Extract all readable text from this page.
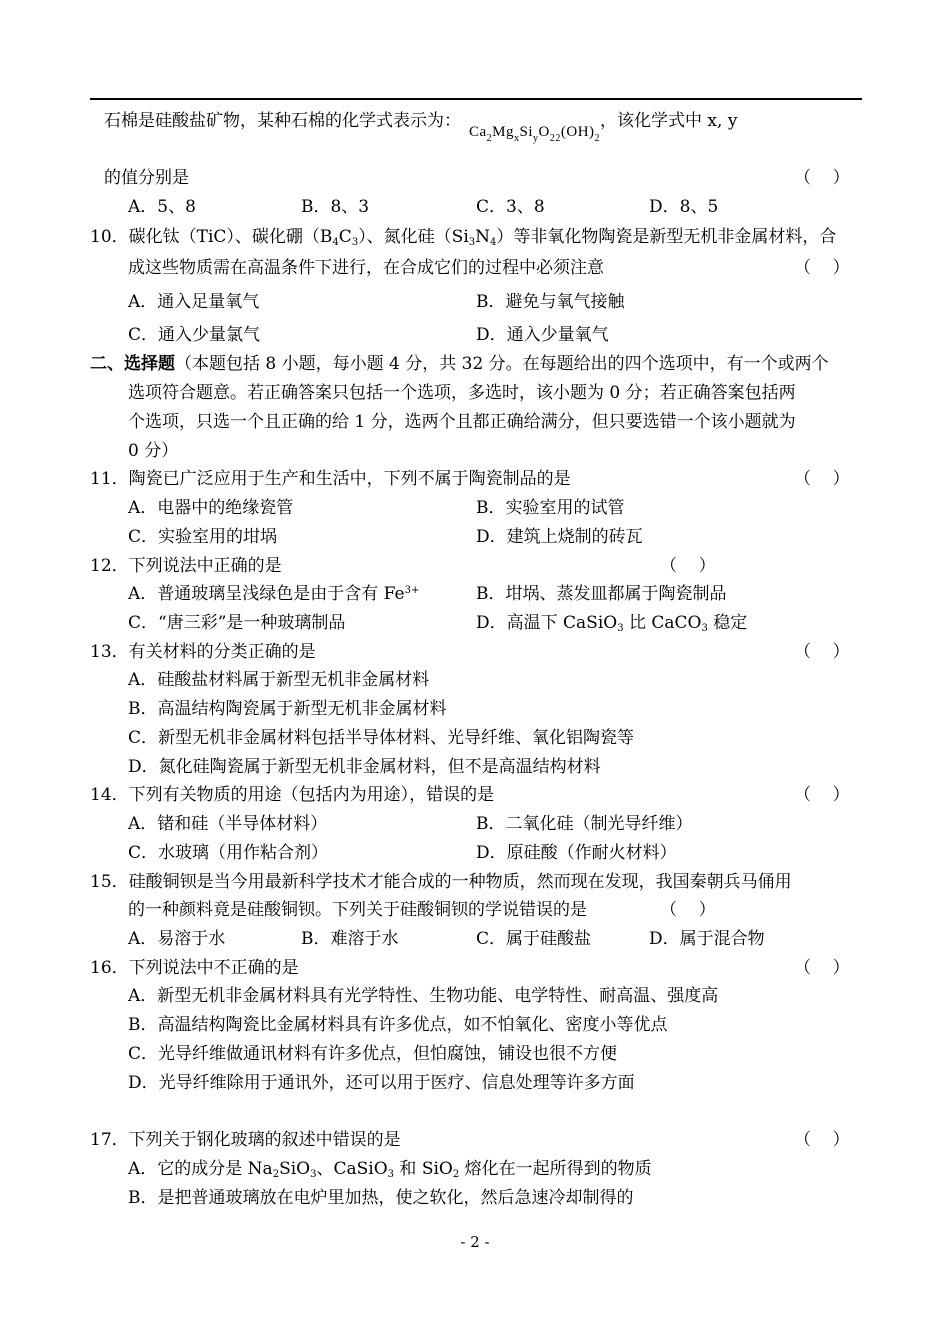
石棉是硅酸盐矿物，某种石棉的化学式表示为：$Ca_2Mg_xSi_yO_{22}(OH)_2$，该化学式中 x, y
的值分别是	（    ）
A．5、8	B．8、3	C．3、8	D．8、5
10．碳化钛（TiC）、碳化硼$(B_4C_3)$、氮化硅$(Si_3N_4)$等非氧化物陶瓷是新型无机非金属材料，合
成这些物质需在高温条件下进行，在合成它们的过程中必须注意	（    ）
A．通入足量氧气	B．避免与氧气接触
C．通入少量氯气	D．通入少量氧气
二、选择题（本题包括 8 小题，每小题 4 分，共 32 分。在每题给出的四个选项中，有一个或两个
选项符合题意。若正确答案只包括一个选项，多选时，该小题为 0 分；若正确答案包括两
个选项，只选一个且正确的给 1 分，选两个且都正确给满分，但只要选错一个该小题就为
0 分）
11．陶瓷已广泛应用于生产和生活中，下列不属于陶瓷制品的是	（    ）
A．电器中的绝缘瓷管	B．实验室用的试管
C．实验室用的坩埚	D．建筑上烧制的砖瓦
12．下列说法中正确的是	（    ）
A．普通玻璃呈浅绿色是由于含有 $Fe^{3+}$	B．坩埚、蒸发皿都属于陶瓷制品
C．“唐三彩”是一种玻璃制品	D．高温下 CaSiO$_3$ 比 CaCO$_3$ 稳定
13．有关材料的分类正确的是	（    ）
A．硅酸盐材料属于新型无机非金属材料
B．高温结构陶瓷属于新型无机非金属材料
C．新型无机非金属材料包括半导体材料、光导纤维、氧化铝陶瓷等
D．氮化硅陶瓷属于新型无机非金属材料，但不是高温结构材料
14．下列有关物质的用途（包括内为用途），错误的是	（    ）
A．锗和硅（半导体材料）	B．二氧化硅（制光导纤维）
C．水玻璃（用作粘合剂）	D．原硅酸（作耐火材料）
15．硅酸铜钡是当今用最新科学技术才能合成的一种物质，然而现在发现，我国秦朝兵马俑用
的一种颜料竟是硅酸铜钡。下列关于硅酸铜钡的学说错误的是	（    ）
A．易溶于水	B．难溶于水	C．属于硅酸盐	D．属于混合物
16．下列说法中不正确的是	（    ）
A．新型无机非金属材料具有光学特性、生物功能、电学特性、耐高温、强度高
B．高温结构陶瓷比金属材料具有许多优点，如不怕氧化、密度小等优点
C．光导纤维做通讯材料有许多优点，但怕腐蚀，铺设也很不方便
D．光导纤维除用于通讯外，还可以用于医疗、信息处理等许多方面
17．下列关于钢化玻璃的叙述中错误的是	（    ）
A．它的成分是 $Na_2SiO_3$、CaSiO$_3$ 和 SiO$_2$ 熔化在一起所得到的物质
B．是把普通玻璃放在电炉里加热，使之软化，然后急速冷却制得的
- 2 -
